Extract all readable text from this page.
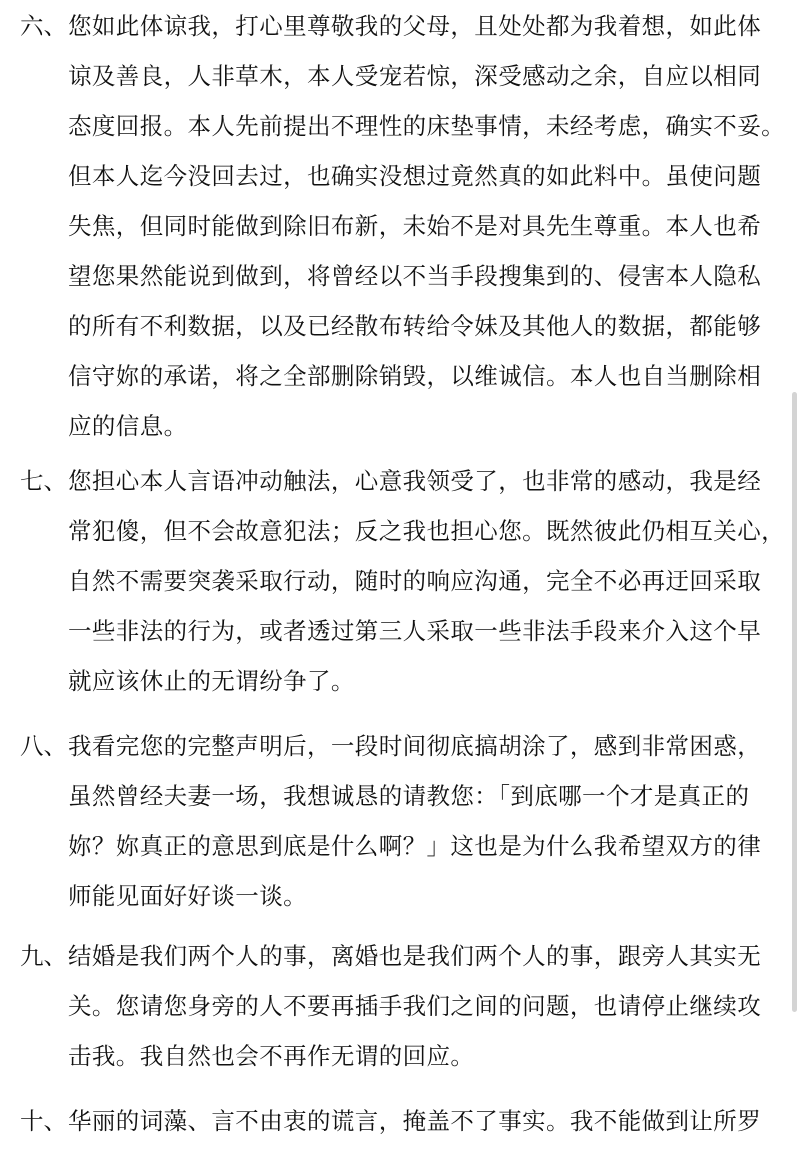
六、 您如此体谅我，打心里尊敬我的父母，且处处都为我着想，如此体
谅及善良，人非草木，本人受宠若惊，深受感动之余，自应以相同
态度回报。本人先前提出不理性的床垫事情，未经考虑，确实不妥。
但本人迄今没回去过，也确实没想过竟然真的如此料中。虽使问题
失焦，但同时能做到除旧布新，未始不是对具先生尊重。本人也希
望您果然能说到做到，将曾经以不当手段搜集到的、侵害本人隐私
的所有不利数据，以及已经散布转给令妹及其他人的数据，都能够
信守妳的承诺，将之全部删除销毁，以维诚信。本人也自当删除相
应的信息。
七、 您担心本人言语冲动触法，心意我领受了，也非常的感动，我是经
常犯傻，但不会故意犯法；反之我也担心您。既然彼此仍相互关心，
自然不需要突袭采取行动，随时的响应沟通，完全不必再迂回采取
一些非法的行为，或者透过第三人采取一些非法手段来介入这个早
就应该休止的无谓纷争了。
八、 我看完您的完整声明后，一段时间彻底搞胡涂了，感到非常困惑，
虽然曾经夫妻一场，我想诚恳的请教您：「到底哪一个才是真正的
妳？妳真正的意思到底是什么啊？」这也是为什么我希望双方的律
师能见面好好谈一谈。
九、 结婚是我们两个人的事，离婚也是我们两个人的事，跟旁人其实无
关。您请您身旁的人不要再插手我们之间的问题，也请停止继续攻
击我。我自然也会不再作无谓的回应。
十、 华丽的词藻、言不由衷的谎言，掩盖不了事实。我不能做到让所罗
